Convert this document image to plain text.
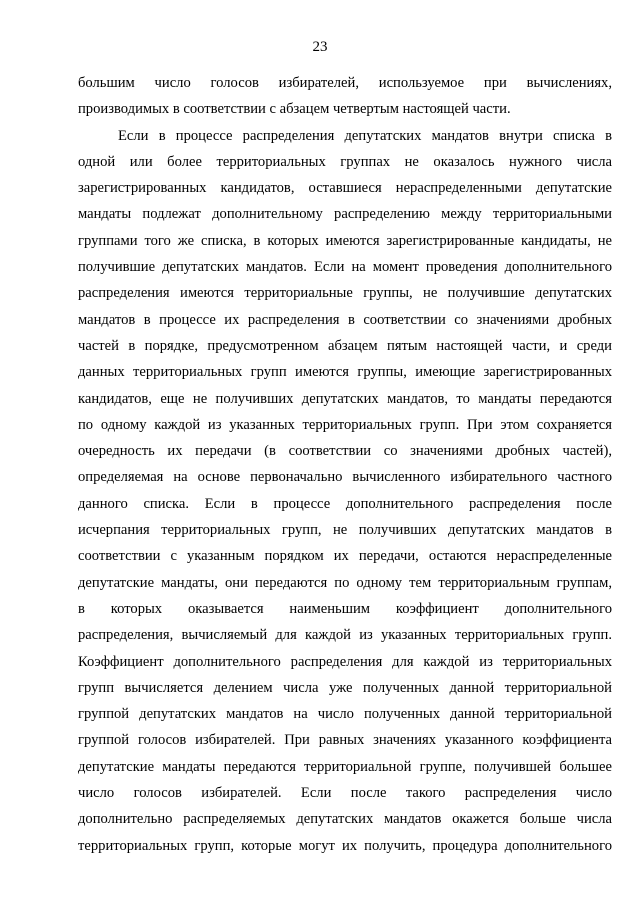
23
большим число голосов избирателей, используемое при вычислениях,
производимых в соответствии с абзацем четвертым настоящей части.
Если в процессе распределения депутатских мандатов внутри списка в
одной или более территориальных группах не оказалось нужного числа
зарегистрированных кандидатов, оставшиеся нераспределенными депутатские
мандаты подлежат дополнительному распределению между территориальными
группами того же списка, в которых имеются зарегистрированные кандидаты, не
получившие депутатских мандатов. Если на момент проведения дополнительного
распределения имеются территориальные группы, не получившие депутатских
мандатов в процессе их распределения в соответствии со значениями дробных
частей в порядке, предусмотренном абзацем пятым настоящей части, и среди
данных территориальных групп имеются группы, имеющие зарегистрированных
кандидатов, еще не получивших депутатских мандатов, то мандаты передаются
по одному каждой из указанных территориальных групп. При этом сохраняется
очередность их передачи (в соответствии со значениями дробных частей),
определяемая на основе первоначально вычисленного избирательного частного
данного списка. Если в процессе дополнительного распределения после
исчерпания территориальных групп, не получивших депутатских мандатов в
соответствии с указанным порядком их передачи, остаются нераспределенные
депутатские мандаты, они передаются по одному тем территориальным группам,
в которых оказывается наименьшим коэффициент дополнительного
распределения, вычисляемый для каждой из указанных территориальных групп.
Коэффициент дополнительного распределения для каждой из территориальных
групп вычисляется делением числа уже полученных данной территориальной
группой депутатских мандатов на число полученных данной территориальной
группой голосов избирателей. При равных значениях указанного коэффициента
депутатские мандаты передаются территориальной группе, получившей большее
число голосов избирателей. Если после такого распределения число
дополнительно распределяемых депутатских мандатов окажется больше числа
территориальных групп, которые могут их получить, процедура дополнительного
